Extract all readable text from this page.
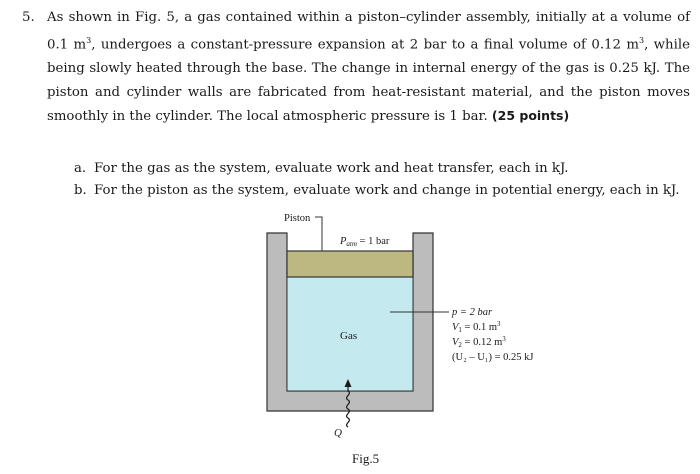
5. As shown in Fig. 5, a gas contained within a piston–cylinder assembly, initially at a volume of 0.1 $m^3$, undergoes a constant-pressure expansion at 2 bar to a final volume of 0.12 $m^3$, while being slowly heated through the base. The change in internal energy of the gas is 0.25 kJ. The piston and cylinder walls are fabricated from heat-resistant material, and the piston moves smoothly in the cylinder. The local atmospheric pressure is 1 bar. (25 points)
a. For the gas as the system, evaluate work and heat transfer, each in kJ.
b. For the piston as the system, evaluate work and change in potential energy, each in kJ.
Piston
Patm = 1 bar
Gas
p = 2 bar
V1 = 0.1 $m^3$
V2 = 0.12 $m^3$
(U₂ – U₁) = 0.25 kJ
Q
Fig.5
